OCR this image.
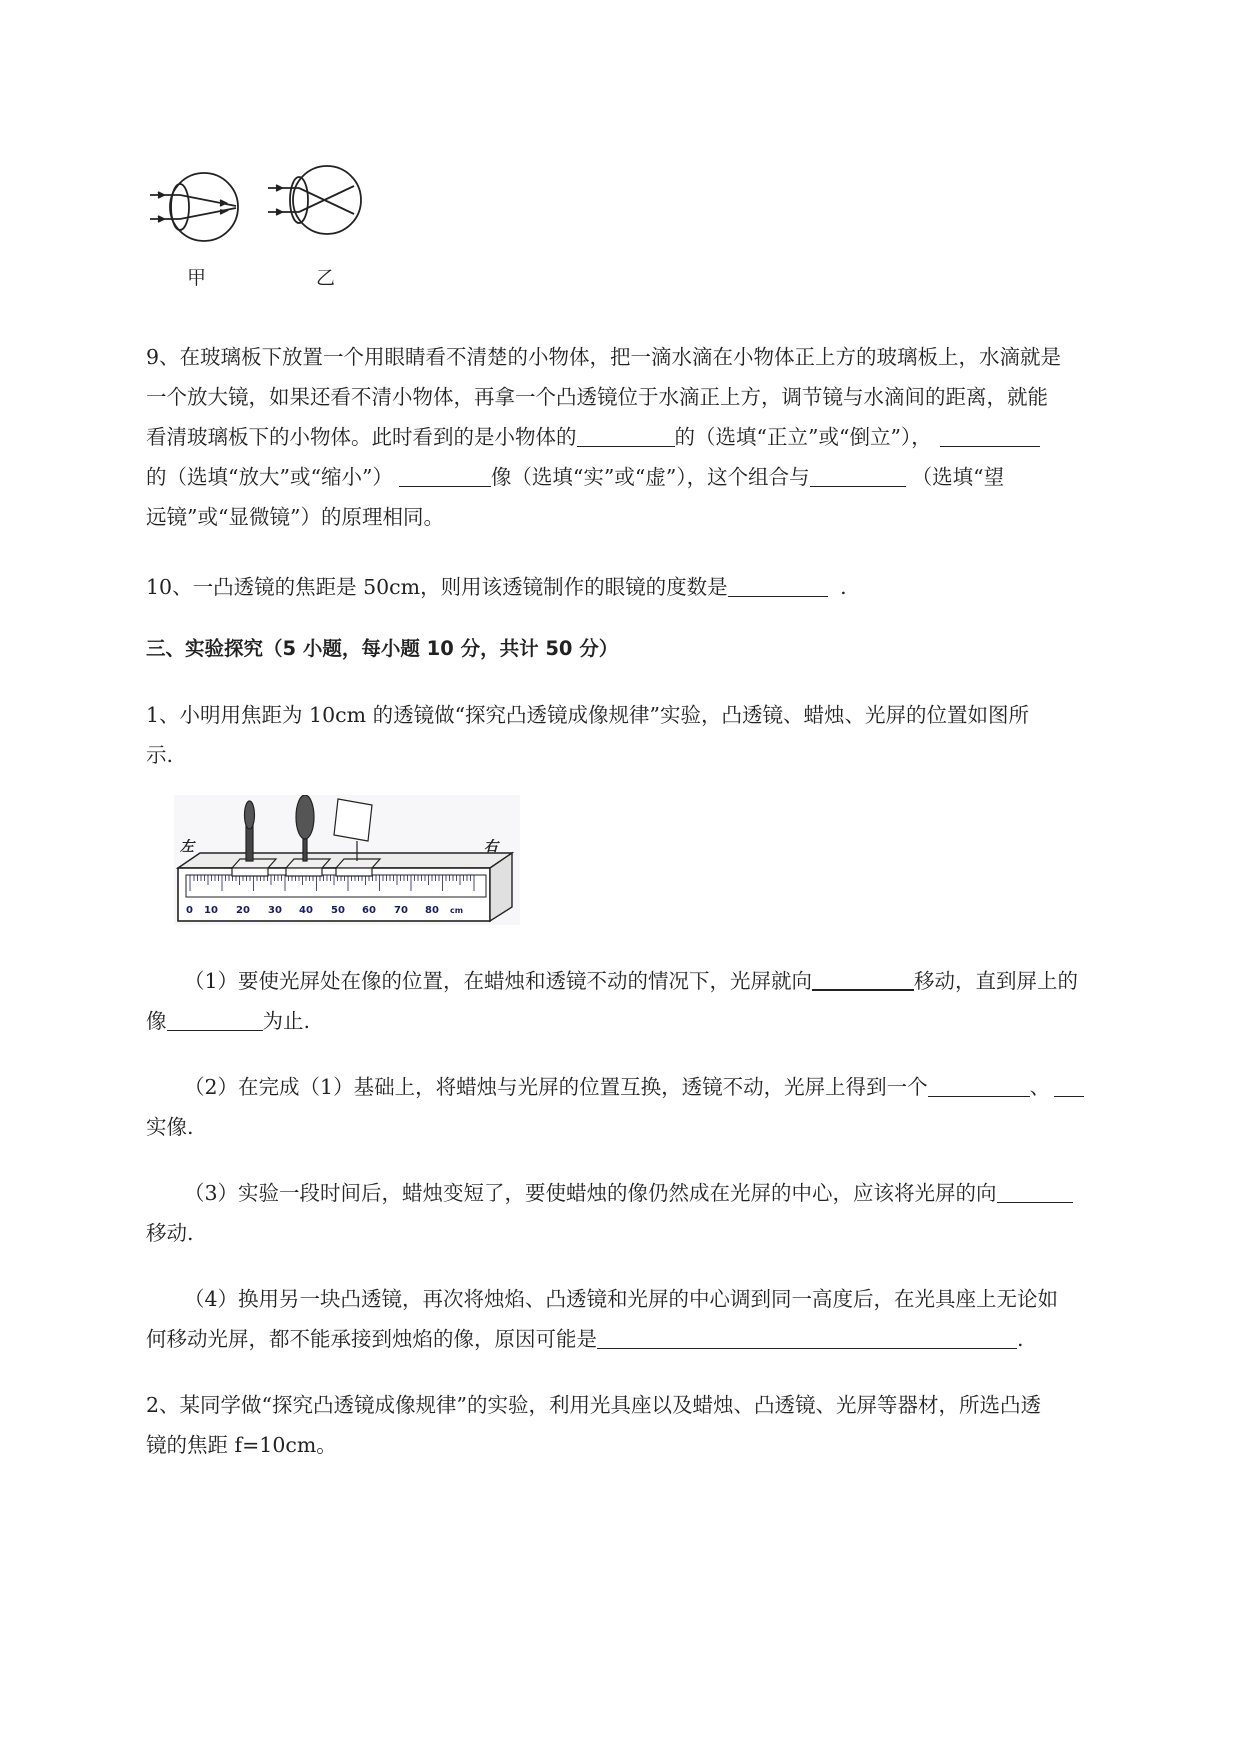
甲	乙
9、在玻璃板下放置一个用眼睛看不清楚的小物体，把一滴水滴在小物体正上方的玻璃板上，水滴就是
一个放大镜，如果还看不清小物体，再拿一个凸透镜位于水滴正上方，调节镜与水滴间的距离，就能
看清玻璃板下的小物体。此时看到的是小物体的	的（选填“正立”或“倒立”），
的（选填“放大”或“缩小”）	像（选填“实”或“虚”），这个组合与	（选填“望
远镜”或“显微镜”）的原理相同。
10、一凸透镜的焦距是 50cm，则用该透镜制作的眼镜的度数是	.
三、实验探究（5 小题，每小题 10 分，共计 50 分）
1、小明用焦距为 10cm 的透镜做“探究凸透镜成像规律”实验，凸透镜、蜡烛、光屏的位置如图所
示.
0 10 20 30 40 50 60 70 80 cm
左	右
（1）要使光屏处在像的位置，在蜡烛和透镜不动的情况下，光屏就向	移动，直到屏上的
像	为止.
（2）在完成（1）基础上，将蜡烛与光屏的位置互换，透镜不动，光屏上得到一个	、
实像.
（3）实验一段时间后，蜡烛变短了，要使蜡烛的像仍然成在光屏的中心，应该将光屏的向
移动.
（4）换用另一块凸透镜，再次将烛焰、凸透镜和光屏的中心调到同一高度后，在光具座上无论如
何移动光屏，都不能承接到烛焰的像，原因可能是	.
2、某同学做“探究凸透镜成像规律”的实验，利用光具座以及蜡烛、凸透镜、光屏等器材，所选凸透
镜的焦距 f=10cm。
